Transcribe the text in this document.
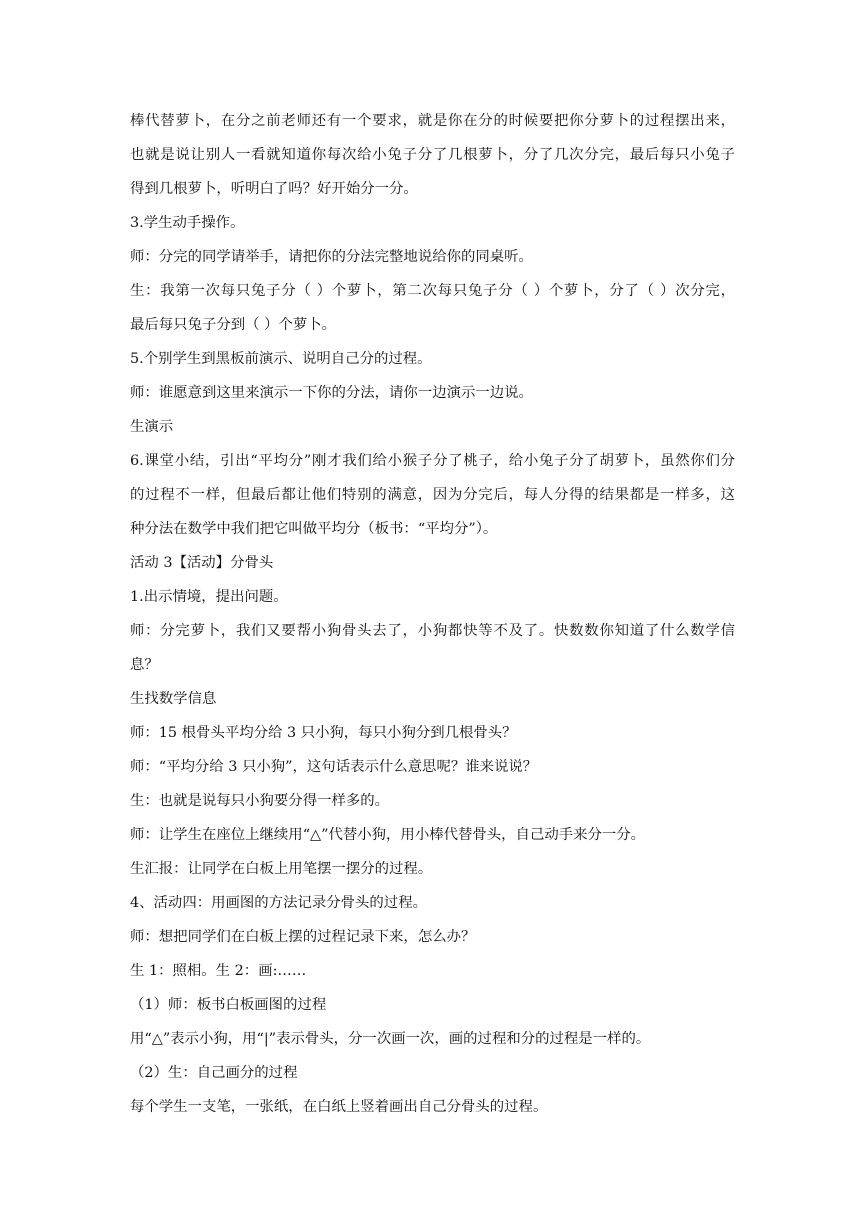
棒代替萝卜，在分之前老师还有一个要求，就是你在分的时候要把你分萝卜的过程摆出来，

也就是说让别人一看就知道你每次给小兔子分了几根萝卜，分了几次分完，最后每只小兔子

得到几根萝卜，听明白了吗？好开始分一分。

3.学生动手操作。

师：分完的同学请举手，请把你的分法完整地说给你的同桌听。

生：我第一次每只兔子分（ ）个萝卜，第二次每只兔子分（ ）个萝卜，分了（ ）次分完，

最后每只兔子分到（ ）个萝卜。

5.个别学生到黑板前演示、说明自己分的过程。

师：谁愿意到这里来演示一下你的分法，请你一边演示一边说。

生演示

6.课堂小结，引出“平均分”刚才我们给小猴子分了桃子，给小兔子分了胡萝卜，虽然你们分

的过程不一样，但最后都让他们特别的满意，因为分完后，每人分得的结果都是一样多，这

种分法在数学中我们把它叫做平均分（板书：“平均分”）。

活动 3【活动】分骨头

1.出示情境，提出问题。

师：分完萝卜，我们又要帮小狗骨头去了，小狗都快等不及了。快数数你知道了什么数学信

息？

生找数学信息

师：15 根骨头平均分给 3 只小狗，每只小狗分到几根骨头？

师：“平均分给 3 只小狗”，这句话表示什么意思呢？谁来说说？

生：也就是说每只小狗要分得一样多的。

师：让学生在座位上继续用“△”代替小狗，用小棒代替骨头，自己动手来分一分。

生汇报：让同学在白板上用笔摆一摆分的过程。

4、活动四：用画图的方法记录分骨头的过程。

师：想把同学们在白板上摆的过程记录下来，怎么办？

生 1：照相。生 2：画:……

（1）师：板书白板画图的过程

用“△”表示小狗，用“|”表示骨头，分一次画一次，画的过程和分的过程是一样的。

（2）生：自己画分的过程

每个学生一支笔，一张纸，在白纸上竖着画出自己分骨头的过程。
